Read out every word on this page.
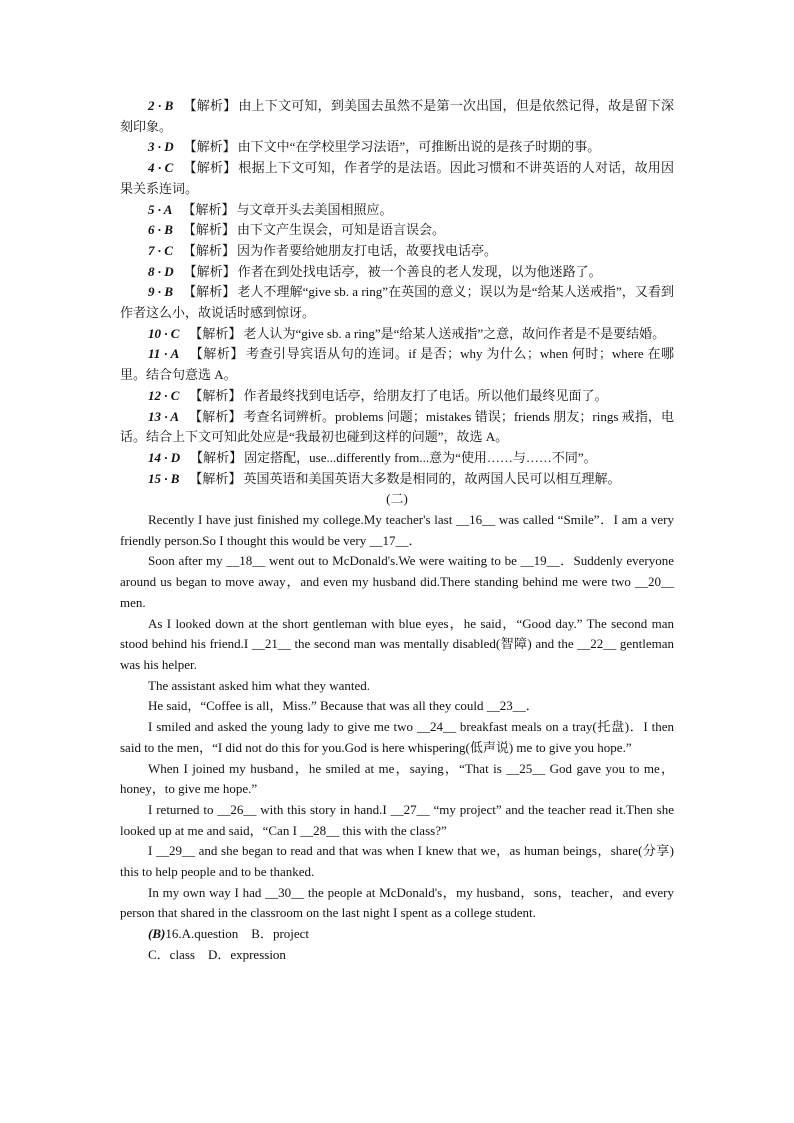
2 · B 【解析】 由上下文可知，到美国去虽然不是第一次出国，但是依然记得，故是留下深刻印象。

3 · D 【解析】 由下文中“在学校里学习法语”，可推断出说的是孩子时期的事。

4 · C 【解析】 根据上下文可知，作者学的是法语。因此习惯和不讲英语的人对话，故用因果关系连词。

5 · A 【解析】 与文章开头去美国相照应。

6 · B 【解析】 由下文产生误会，可知是语言误会。

7 · C 【解析】 因为作者要给她朋友打电话，故要找电话亭。

8 · D 【解析】 作者在到处找电话亭，被一个善良的老人发现，以为他迷路了。

9 · B 【解析】 老人不理解“give sb. a ring”在英国的意义；误以为是“给某人送戒指”，又看到作者这么小，故说话时感到惊讶。

10 · C 【解析】 老人认为“give sb. a ring”是“给某人送戒指”之意，故问作者是不是要结婚。

11 · A 【解析】 考查引导宾语从句的连词。if 是否；why 为什么；when 何时；where 在哪里。结合句意选 A。

12 · C 【解析】 作者最终找到电话亭，给朋友打了电话。所以他们最终见面了。

13 · A 【解析】 考查名词辨析。problems 问题；mistakes 错误；friends 朋友；rings 戒指，电话。结合上下文可知此处应是“我最初也碰到这样的问题”，故选 A。

14 · D 【解析】 固定搭配，use...differently from...意为“使用……与……不同”。

15 · B 【解析】 英国英语和美国英语大多数是相同的，故两国人民可以相互理解。

(二)

Recently I have just finished my college.My teacher's last __16__ was called “Smile”．I am a very friendly person.So I thought this would be very __17__．

Soon after my __18__ went out to McDonald's.We were waiting to be __19__．Suddenly everyone around us began to move away，and even my husband did.There standing behind me were two __20__ men.

As I looked down at the short gentleman with blue eyes，he said，“Good day.” The second man stood behind his friend.I __21__ the second man was mentally disabled(智障) and the __22__ gentleman was his helper.

The assistant asked him what they wanted.

He said，“Coffee is all，Miss.” Because that was all they could __23__．

I smiled and asked the young lady to give me two __24__ breakfast meals on a tray(托盘)．I then said to the men，“I did not do this for you.God is here whispering(低声说) me to give you hope.”

When I joined my husband，he smiled at me，saying，“That is __25__ God gave you to me，honey，to give me hope.”

I returned to __26__ with this story in hand.I __27__ “my project” and the teacher read it.Then she looked up at me and said，“Can I __28__ this with the class?”

I __29__ and she began to read and that was when I knew that we，as human beings，share(分享) this to help people and to be thanked.

In my own way I had __30__ the people at McDonald's，my husband，sons，teacher，and every person that shared in the classroom on the last night I spent as a college student.

(B)16.A.question　B．project

C．class　D．expression
